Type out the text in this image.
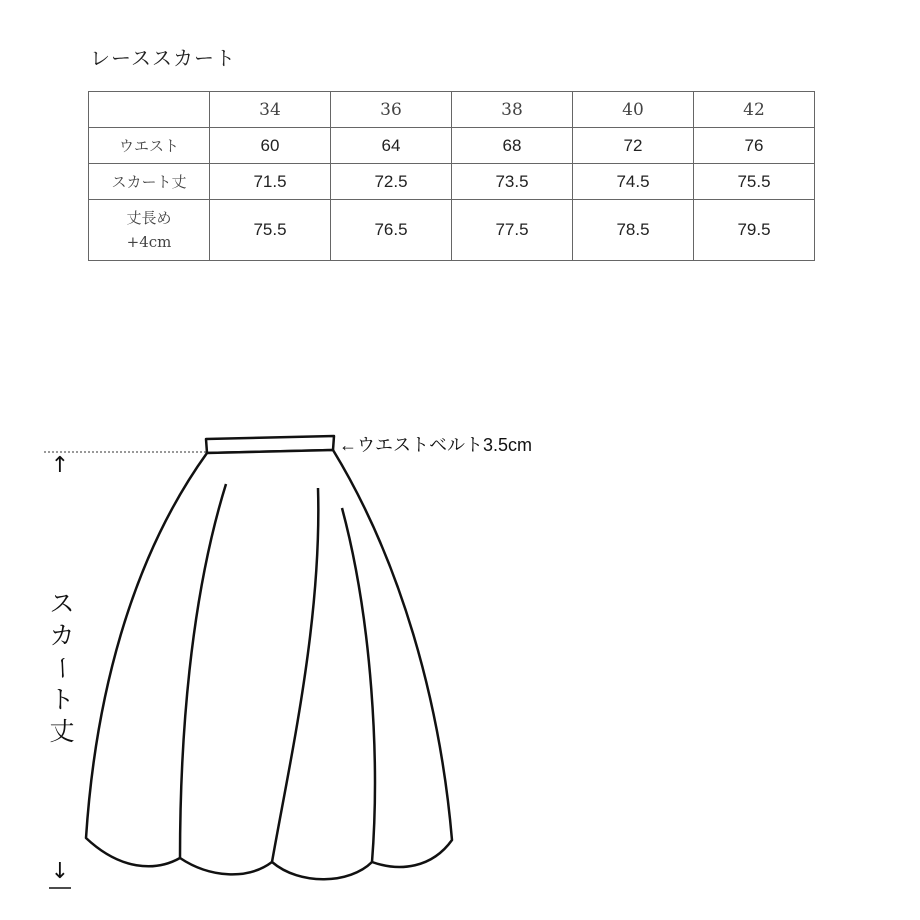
レーススカート
	34	36	38	40	42

ウエスト	60	64	68	72	76

スカート丈	71.5	72.5	73.5	74.5	75.5

丈長め
+4cm	75.5	76.5	77.5	78.5	79.5
↑
↓
←ウエストベルト3.5cm
ス
カ
ー
ト
丈
